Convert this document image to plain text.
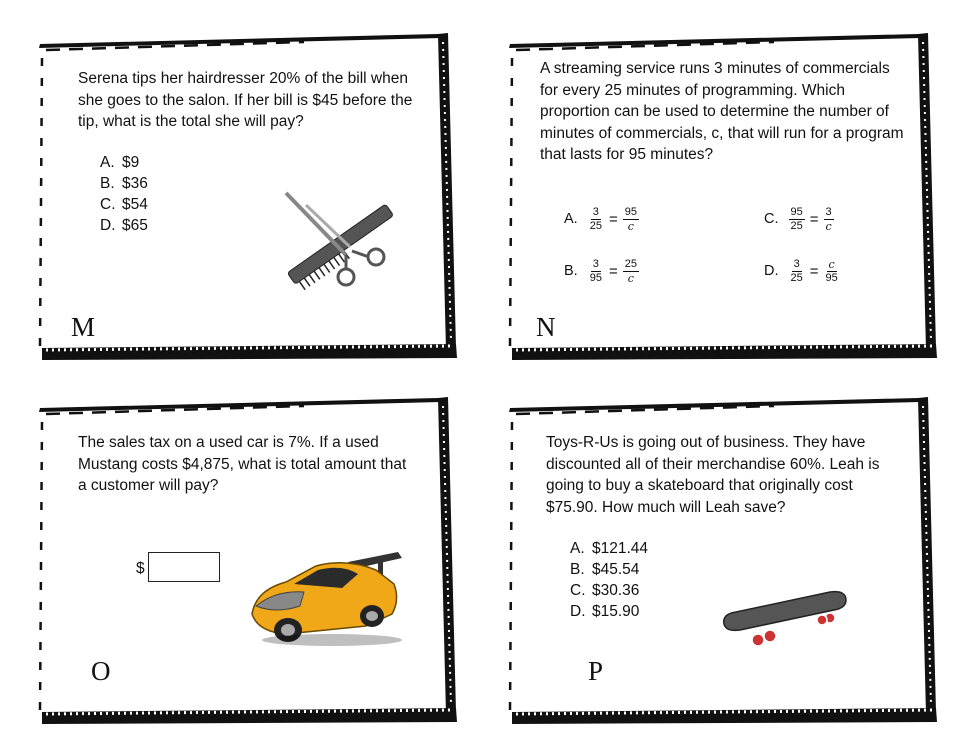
Serena tips her hairdresser 20% of the bill when she goes to the salon. If her bill is $45 before the tip, what is the total she will pay?
A. $9
B. $36
C. $54
D. $65
M
A streaming service runs 3 minutes of commercials for every 25 minutes of programming. Which proportion can be used to determine the number of minutes of commercials, c, that will run for a program that lasts for 95 minutes?
A. $\frac{3}{25} = \frac{95}{c}$	C. $\frac{95}{25} = \frac{3}{c}$
B. $\frac{3}{95} = \frac{25}{c}$	D. $\frac{3}{25} = \frac{c}{95}$
N
The sales tax on a used car is 7%. If a used Mustang costs $4,875, what is total amount that a customer will pay?
$
O
Toys-R-Us is going out of business. They have discounted all of their merchandise 60%. Leah is going to buy a skateboard that originally cost $75.90. How much will Leah save?
A. $121.44
B. $45.54
C. $30.36
D. $15.90
P
